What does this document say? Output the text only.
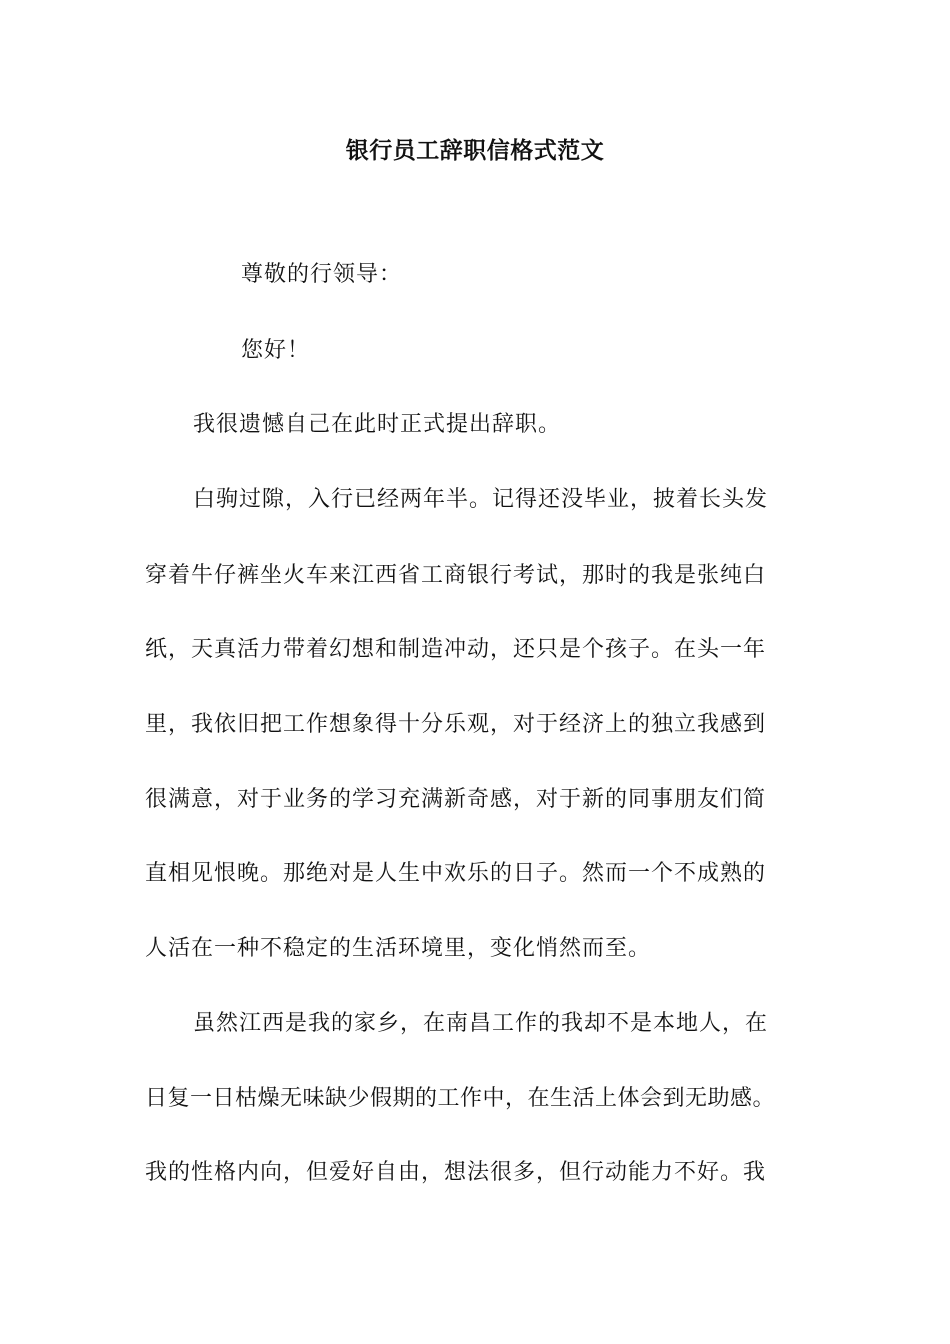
银行员工辞职信格式范文
尊敬的行领导：
您好！
我很遗憾自己在此时正式提出辞职。
白驹过隙，入行已经两年半。记得还没毕业，披着长头发
穿着牛仔裤坐火车来江西省工商银行考试，那时的我是张纯白
纸，天真活力带着幻想和制造冲动，还只是个孩子。在头一年
里，我依旧把工作想象得十分乐观，对于经济上的独立我感到
很满意，对于业务的学习充满新奇感，对于新的同事朋友们简
直相见恨晚。那绝对是人生中欢乐的日子。然而一个不成熟的
人活在一种不稳定的生活环境里，变化悄然而至。
虽然江西是我的家乡，在南昌工作的我却不是本地人，在
日复一日枯燥无味缺少假期的工作中，在生活上体会到无助感。
我的性格内向，但爱好自由，想法很多，但行动能力不好。我
